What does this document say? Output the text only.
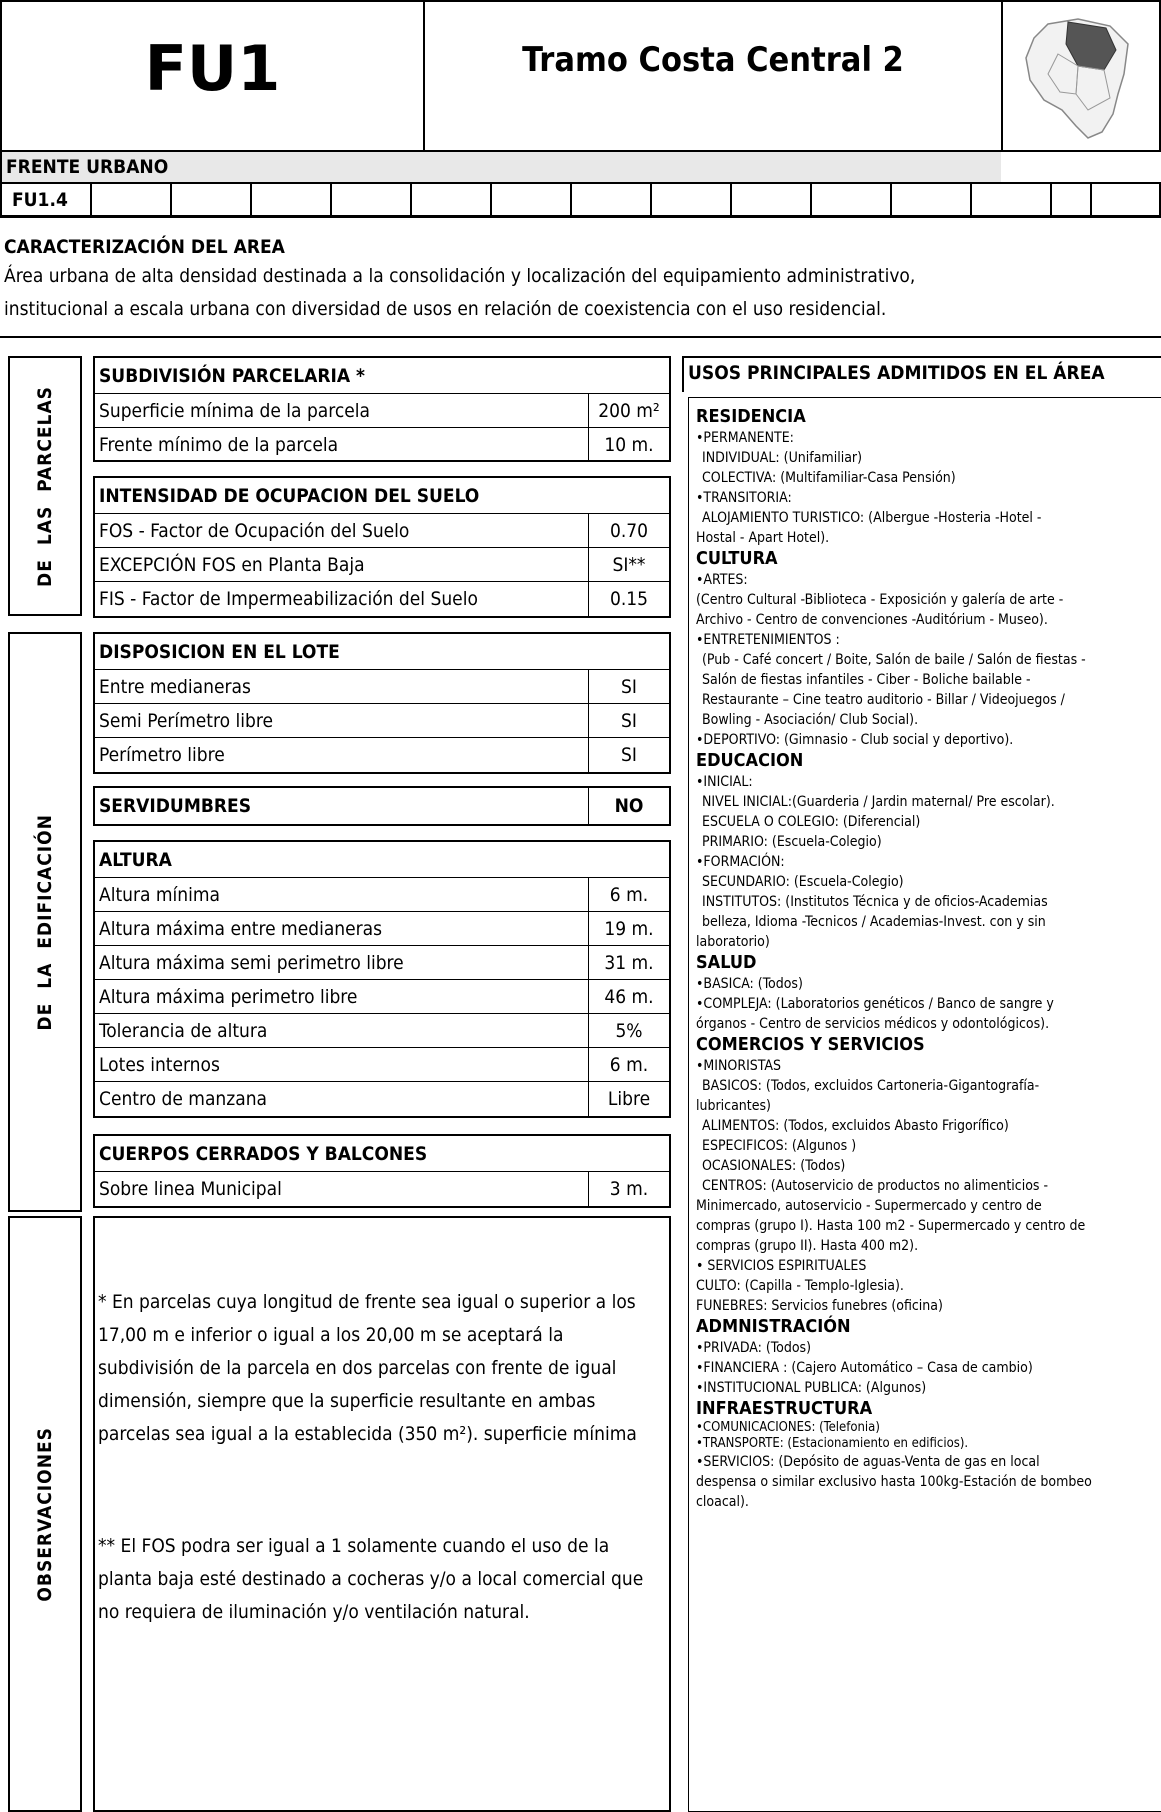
FU1	Tramo Costa Central 2
FRENTE URBANO
FU1.4
CARACTERIZACIÓN DEL AREA
Área urbana de alta densidad destinada a la consolidación y localización del equipamiento administrativo,
institucional a escala urbana con diversidad de usos en relación de coexistencia con el uso residencial.
DE  LAS  PARCELAS
DE  LA  EDIFICACIÓN
OBSERVACIONES
SUBDIVISIÓN PARCELARIA *
Superficie mínima de la parcela	200 m²
Frente mínimo de la parcela	10 m.
INTENSIDAD DE OCUPACION DEL SUELO
FOS - Factor de Ocupación del Suelo	0.70
EXCEPCIÓN FOS en Planta Baja	SI**
FIS - Factor de Impermeabilización del Suelo	0.15
DISPOSICION EN EL LOTE
Entre medianeras	SI
Semi Perímetro libre	SI
Perímetro libre	SI
SERVIDUMBRES	NO
ALTURA
Altura mínima	6 m.
Altura máxima entre medianeras	19 m.
Altura máxima semi perimetro libre	31 m.
Altura máxima perimetro libre	46 m.
Tolerancia de altura	5%
Lotes internos	6 m.
Centro de manzana	Libre
CUERPOS CERRADOS Y BALCONES
Sobre linea Municipal	3 m.
* En parcelas cuya longitud de frente sea igual o superior a los 17,00 m e inferior o igual a los 20,00 m se aceptará la subdivisión de la parcela en dos parcelas con frente de igual dimensión, siempre que la superficie resultante en ambas parcelas sea igual a la establecida (350 m²). superficie mínima
** El FOS podra ser igual a 1 solamente cuando el uso de la planta baja esté destinado a cocheras y/o a local comercial que no requiera de iluminación y/o ventilación natural.
USOS PRINCIPALES ADMITIDOS EN EL ÁREA
RESIDENCIA
•PERMANENTE:
INDIVIDUAL: (Unifamiliar)
COLECTIVA: (Multifamiliar-Casa Pensión)
•TRANSITORIA:
ALOJAMIENTO TURISTICO: (Albergue -Hosteria -Hotel -
Hostal - Apart Hotel).
CULTURA
•ARTES:
(Centro Cultural -Biblioteca - Exposición y galería de arte -
Archivo - Centro de convenciones -Auditórium - Museo).
•ENTRETENIMIENTOS :
(Pub - Café concert / Boite, Salón de baile / Salón de fiestas -
Salón de fiestas infantiles - Ciber - Boliche bailable -
Restaurante – Cine teatro auditorio - Billar / Videojuegos /
Bowling - Asociación/ Club Social).
•DEPORTIVO: (Gimnasio - Club social y deportivo).
EDUCACION
•INICIAL:
NIVEL INICIAL:(Guarderia / Jardin maternal/ Pre escolar).
ESCUELA O COLEGIO: (Diferencial)
PRIMARIO: (Escuela-Colegio)
•FORMACIÓN:
SECUNDARIO: (Escuela-Colegio)
INSTITUTOS: (Institutos Técnica y de oficios-Academias
belleza, Idioma -Tecnicos / Academias-Invest. con y sin
laboratorio)
SALUD
•BASICA: (Todos)
•COMPLEJA: (Laboratorios genéticos / Banco de sangre y
órganos - Centro de servicios médicos y odontológicos).
COMERCIOS Y SERVICIOS
•MINORISTAS
BASICOS: (Todos, excluidos Cartoneria-Gigantografía-
lubricantes)
ALIMENTOS: (Todos, excluidos Abasto Frigorífico)
ESPECIFICOS: (Algunos )
OCASIONALES: (Todos)
CENTROS: (Autoservicio de productos no alimenticios -
Minimercado, autoservicio - Supermercado y centro de
compras (grupo I). Hasta 100 m2 - Supermercado y centro de
compras (grupo II). Hasta 400 m2).
• SERVICIOS ESPIRITUALES
CULTO: (Capilla - Templo-Iglesia).
FUNEBRES: Servicios funebres (oficina)
ADMNISTRACIÓN
•PRIVADA: (Todos)
•FINANCIERA : (Cajero Automático – Casa de cambio)
•INSTITUCIONAL PUBLICA: (Algunos)
INFRAESTRUCTURA
•COMUNICACIONES: (Telefonia)
•TRANSPORTE: (Estacionamiento en edificios).
•SERVICIOS: (Depósito de aguas-Venta de gas en local
despensa o similar exclusivo hasta 100kg-Estación de bombeo
cloacal).
